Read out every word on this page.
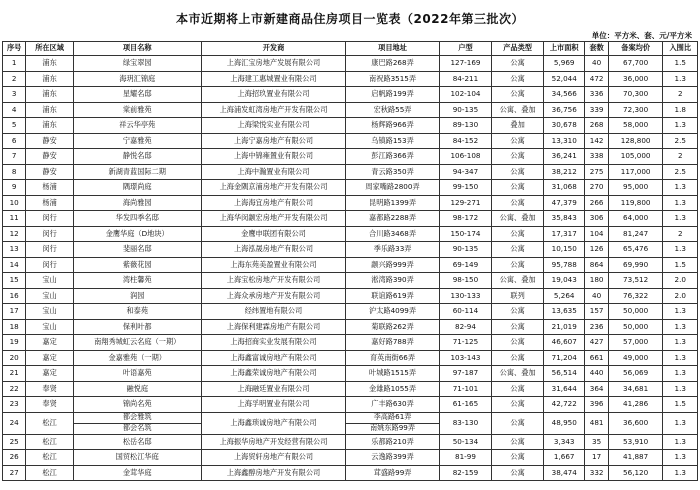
本市近期将上市新建商品住房项目一览表（2022年第三批次）
单位：平方米、套、元/平方米
序号	所在区域	项目名称	开发商	项目地址	户型	产品类型	上市面积	套数	备案均价	入围比
1	浦东	绿宝翠园	上海汇宝房地产发展有限公司	康巴路268弄	127-169	公寓	5,969	40	67,700	1.5
2	浦东	海玥汇锦庭	上海建工惠城置业有限公司	南祝路3515弄	84-211	公寓	52,044	472	36,000	1.3
3	浦东	星耀名邸	上海招玖置业有限公司	启帆路199弄	102-104	公寓	34,566	336	70,300	2
4	浦东	棠前雅苑	上海浦发虹湾房地产开发有限公司	宏秋路55弄	90-135	公寓、叠加	36,756	339	72,300	1.8
5	浦东	祥云华亭苑	上海梁悦实业有限公司	杨辉路966弄	89-130	叠加	30,678	268	58,000	1.3
6	静安	宁嘉雅苑	上海宁嘉房地产有限公司	乌镇路153弄	84-152	公寓	13,310	142	128,800	2.5
7	静安	静悦名邸	上海中锦雍置业有限公司	彭江路366弄	106-108	公寓	36,241	338	105,000	2
8	静安	新湖青蓝国际二期	上海中瀚置业有限公司	青云路350弄	94-347	公寓	38,212	275	117,000	2.5
9	杨浦	隅璟尚庭	上海金隅京浦房地产开发有限公司	周家嘴路2800弄	99-150	公寓	31,068	270	95,000	1.3
10	杨浦	海尚雅园	上海海宜房地产有限公司	昆明路1399弄	129-271	公寓	47,379	266	119,800	1.3
11	闵行	华发四季名邸	上海华闵颛宏房地产开发有限公司	嘉都路2288弄	98-172	公寓、叠加	35,843	306	64,000	1.3
12	闵行	金鹰华庭（D地块）	金鹰申联团有限公司	合川路3468弄	150-174	公寓	17,317	104	81,247	2
13	闵行	斐丽名邸	上海泓晟房地产有限公司	季乐路33弄	90-135	公寓	10,150	126	65,476	1.3
14	闵行	紫薇花园	上海东苑美盈置业有限公司	颛兴路999弄	69-149	公寓	95,788	864	69,990	1.5
15	宝山	湾柱馨苑	上海宝松房地产开发有限公司	淞湾路390弄	98-150	公寓、叠加	19,043	180	73,512	2.0
16	宝山	润园	上海众承房地产开发有限公司	联谊路619弄	130-133	联列	5,264	40	76,322	2.0
17	宝山	和泰苑	经纬置地有限公司	沪太路4099弄	60-114	公寓	13,635	157	50,000	1.3
18	宝山	保利叶都	上海保利建霖房地产有限公司	菊联路262弄	82-94	公寓	21,019	236	50,000	1.3
19	嘉定	南翔秀城虹云名庭（一期）	上海招商实业发展有限公司	嘉好路788弄	71-125	公寓	46,607	427	57,000	1.3
20	嘉定	金嘉雅苑（一期）	上海鑫富诚房地产有限公司	育英南街66弄	103-143	公寓	71,204	661	49,000	1.3
21	嘉定	叶语嘉苑	上海鑫荣诚房地产有限公司	叶城路1515弄	97-187	公寓、叠加	56,514	440	56,069	1.3
22	奉贤	融悦庭	上海融廷置业有限公司	金雄路1055弄	71-101	公寓	31,644	364	34,681	1.3
23	奉贤	锦尚名苑	上海孚明置业有限公司	广丰路630弄	61-165	公寓	42,722	396	41,286	1.5
24	松江	都会雅筑	上海鑫琐诚房地产有限公司	李高路61弄	83-130	公寓	48,950	481	36,600	1.3
		都会名筑		南姚东路99弄						
25	松江	松岳名邸	上海振华房地产开发经营有限公司	乐都路210弄	50-134	公寓	3,343	35	53,910	1.3
26	松江	国贸松江华庭	上海贸轩房地产有限公司	云逸路399弄	81-99	公寓	1,667	17	41,887	1.3
27	松江	金茸华庭	上海鑫醇房地产开发有限公司	茸盛路99弄	82-159	公寓	38,474	332	56,120	1.3
